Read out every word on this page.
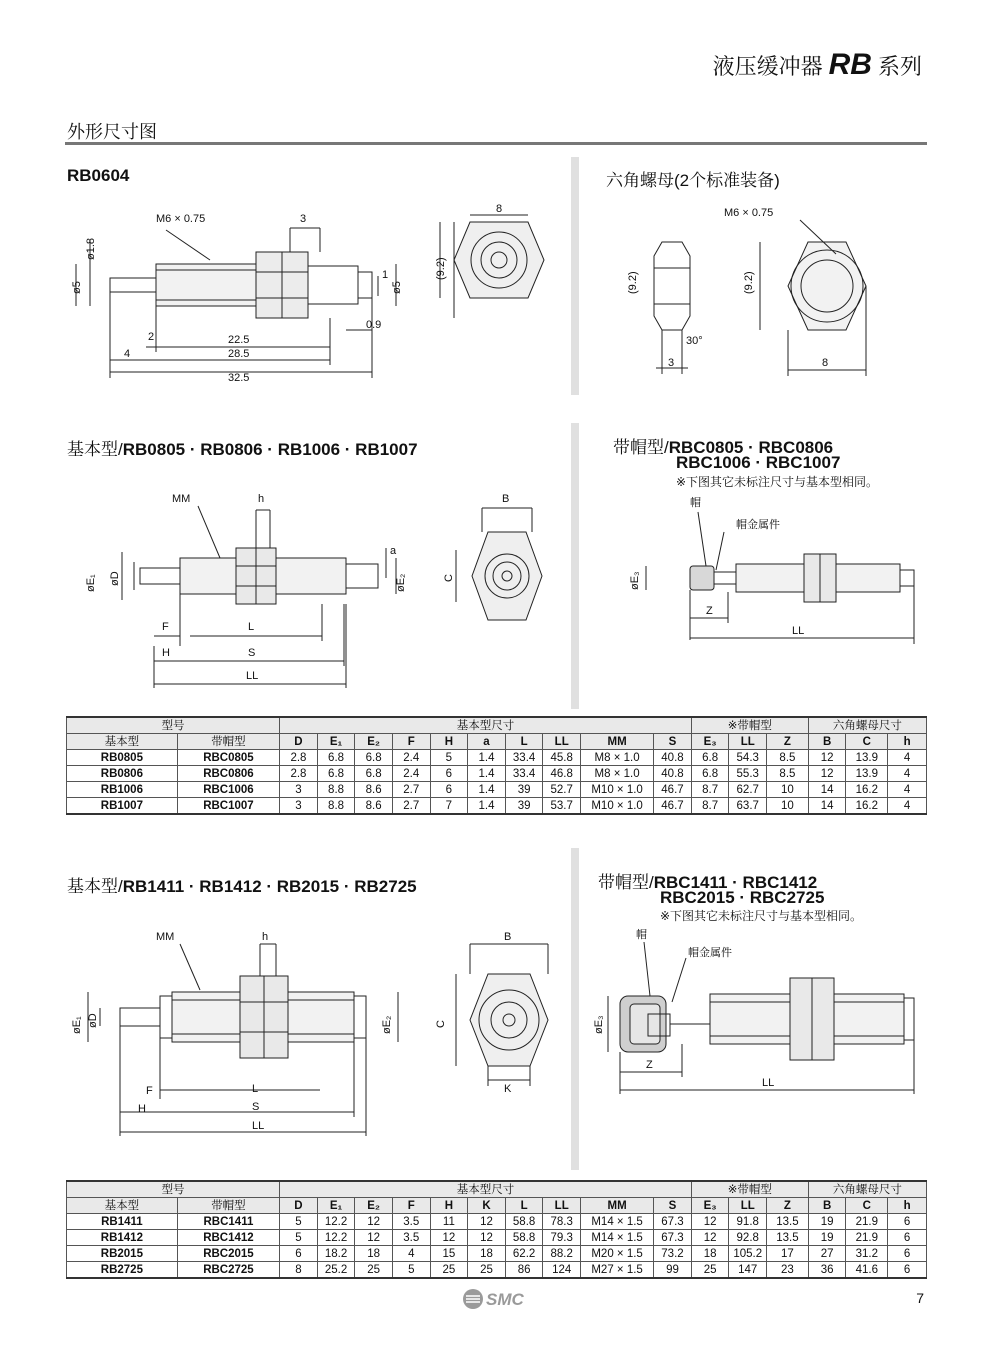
液压缓冲器 RB 系列
外形尺寸图
RB0604
M6 × 0.75	3
ø1.8
ø5	ø5
1
0.9
2	22.5
28.5
32.5
4
8
(9.2)
六角螺母(2个标准装备)
M6 × 0.75
(9.2)	(9.2)
3	8
30°
基本型/RB0805 · RB0806 · RB1006 · RB1007
MM	h
a
øE₁ øD	øE₂
B
C
F	L
H	S
LL
带帽型/RBC0805 · RBC0806
RBC1006 · RBC1007
※下图其它未标注尺寸与基本型相同。
帽
帽金属件
øE₃
Z
LL
型号		基本型尺寸										※带帽型			六角螺母尺寸		
基本型	带帽型	D	E₁	E₂	F	H	a	L	LL	MM	S	E₃	LL	Z	B	C	h
RB0805	RBC0805	2.8	6.8	6.8	2.4	5	1.4	33.4	45.8	M8 × 1.0	40.8	6.8	54.3	8.5	12	13.9	4
RB0806	RBC0806	2.8	6.8	6.8	2.4	6	1.4	33.4	46.8	M8 × 1.0	40.8	6.8	55.3	8.5	12	13.9	4
RB1006	RBC1006	3	8.8	8.6	2.7	6	1.4	39	52.7	M10 × 1.0	46.7	8.7	62.7	10	14	16.2	4
RB1007	RBC1007	3	8.8	8.6	2.7	7	1.4	39	53.7	M10 × 1.0	46.7	8.7	63.7	10	14	16.2	4
基本型/RB1411 · RB1412 · RB2015 · RB2725
MM	h
øE₁ øD	øE₂
B
C
K
F	L
H	S
LL
带帽型/RBC1411 · RBC1412
RBC2015 · RBC2725
※下图其它未标注尺寸与基本型相同。
帽
帽金属件
øE₃
Z
LL
型号		基本型尺寸										※带帽型			六角螺母尺寸		
基本型	带帽型	D	E₁	E₂	F	H	K	L	LL	MM	S	E₃	LL	Z	B	C	h
RB1411	RBC1411	5	12.2	12	3.5	11	12	58.8	78.3	M14 × 1.5	67.3	12	91.8	13.5	19	21.9	6
RB1412	RBC1412	5	12.2	12	3.5	12	12	58.8	79.3	M14 × 1.5	67.3	12	92.8	13.5	19	21.9	6
RB2015	RBC2015	6	18.2	18	4	15	18	62.2	88.2	M20 × 1.5	73.2	18	105.2	17	27	31.2	6
RB2725	RBC2725	8	25.2	25	5	25	25	86	124	M27 × 1.5	99	25	147	23	36	41.6	6
SMC	7
